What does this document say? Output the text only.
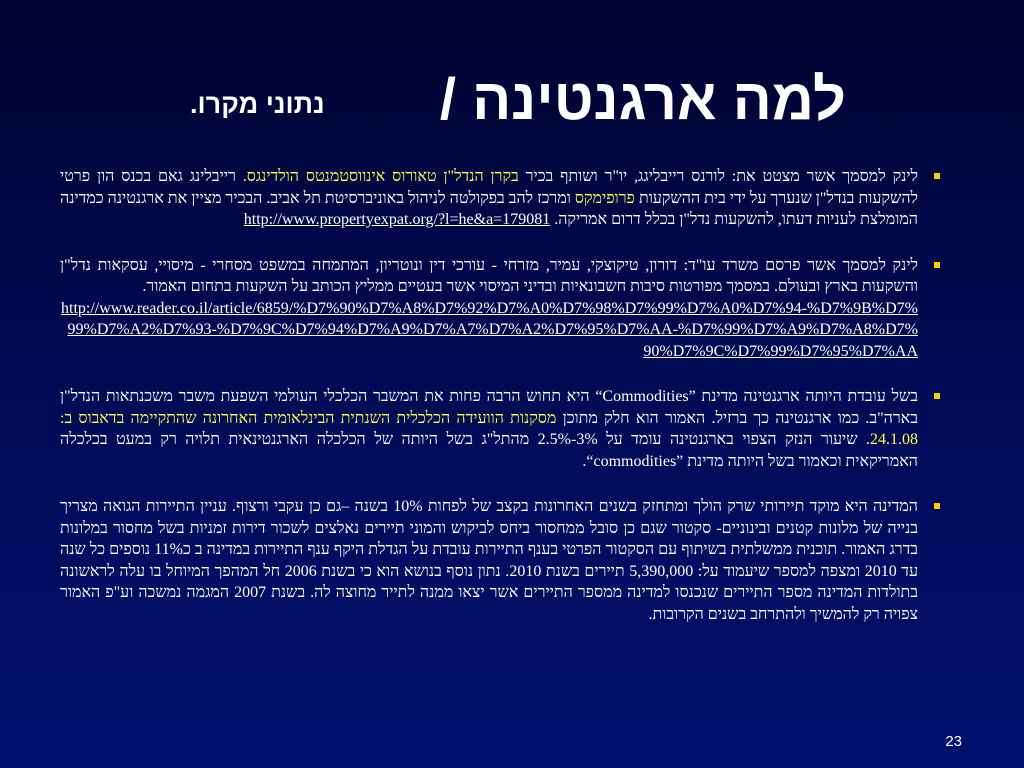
למה ארגנטינה /
נתוני מקרו.
לינק למסמך אשר מצטט את: לורנס רייבליגג, יו"ר ושותף בכיר בקרן הנדל"ן טאורוס אינווסטמנטס הולדינגס. רייבלינג גאם בכנס הון פרטי להשקעות בנדל"ן שנערך על ידי בית ההשקעות פרופימקס ומרכז להב בפקולטה לניהול באוניברסיטת תל אביב. הבכיר מציין את ארגנטינה כמדינה המומלצת לעניות דעתו, להשקעות נדל"ן בכלל דרום אמריקה. http://www.propertyexpat.org/?l=he&a=179081
לינק למסמך אשר פרסם משרד עו"ד: דורון, טיקוצקי, עמיר, מזרחי - עורכי דין ונוטריון, המתמחה במשפט מסחרי - מיסויי, עסקאות נדל"ן והשקעות בארץ ובעולם. במסמך מפורטות סיבות חשבונאיות ובדיני המיסוי אשר בעטיים ממליץ הכותב על השקעות בתחום האמור.
http://www.reader.co.il/article/6859/%D7%90%D7%A8%D7%92%D7%A0%D7%98%D7%99%D7%A0%D7%94-%D7%9B%D7%99%D7%A2%D7%93-%D7%9C%D7%94%D7%A9%D7%A7%D7%A2%D7%95%D7%AA-%D7%99%D7%A9%D7%A8%D7%90%D7%9C%D7%99%D7%95%D7%AA
בשל עובדת היותה ארגנטינה מדינת “Commodities” היא תחוש הרבה פחות את המשבר הכלכלי העולמי השפעת משבר משכנתאות הנדל"ן בארה"ב. כמו ארגנטינה כך ברזיל. האמור הוא חלק מתוכן מסקנות הוועידה הכלכלית השנתית הבינלאומית האחרונה שהתקיימה בדאבוס ב: 24.1.08. שיעור הנזק הצפוי בארגנטינה עומד על 2.5%-3% מהתל"ג בשל היותה של הכלכלה הארגנטינאית תלויה רק במעט בכלכלה האמריקאית וכאמור בשל היותה מדינת “commodities”.
המדינה היא מוקד תיירותי שרק הולך ומתחזק בשנים האחרונות בקצב של לפחות 10% בשנה –גם כן עקבי ורצוף. עניין התיירות הגואה מצריך בנייה של מלונות קטנים ובינוניים- סקטור שגם כן סובל ממחסור ביחס לביקוש והמוני תיירים נאלצים לשכור דירות זמניות בשל מחסור במלונות בדרג האמור. תוכנית ממשלתית בשיתוף עם הסקטור הפרטי בענף התיירות עובדת על הגדלת היקף ענף התיירות במדינה ב כ11% נוספים כל שנה עד 2010 ומצפה למספר שיעמוד על: 5,390,000 תיירים בשנת 2010. נתון נוסף בנושא הוא כי בשנת 2006 חל המהפך המיוחל בו עלה לראשונה בתולדות המדינה מספר התיירים שנכנסו למדינה ממספר התיירים אשר יצאו ממנה לתייר מחוצה לה. בשנת 2007 המגמה נמשכה וע"פ האמור צפויה רק להמשיך ולהתרחב בשנים הקרובות.
23
